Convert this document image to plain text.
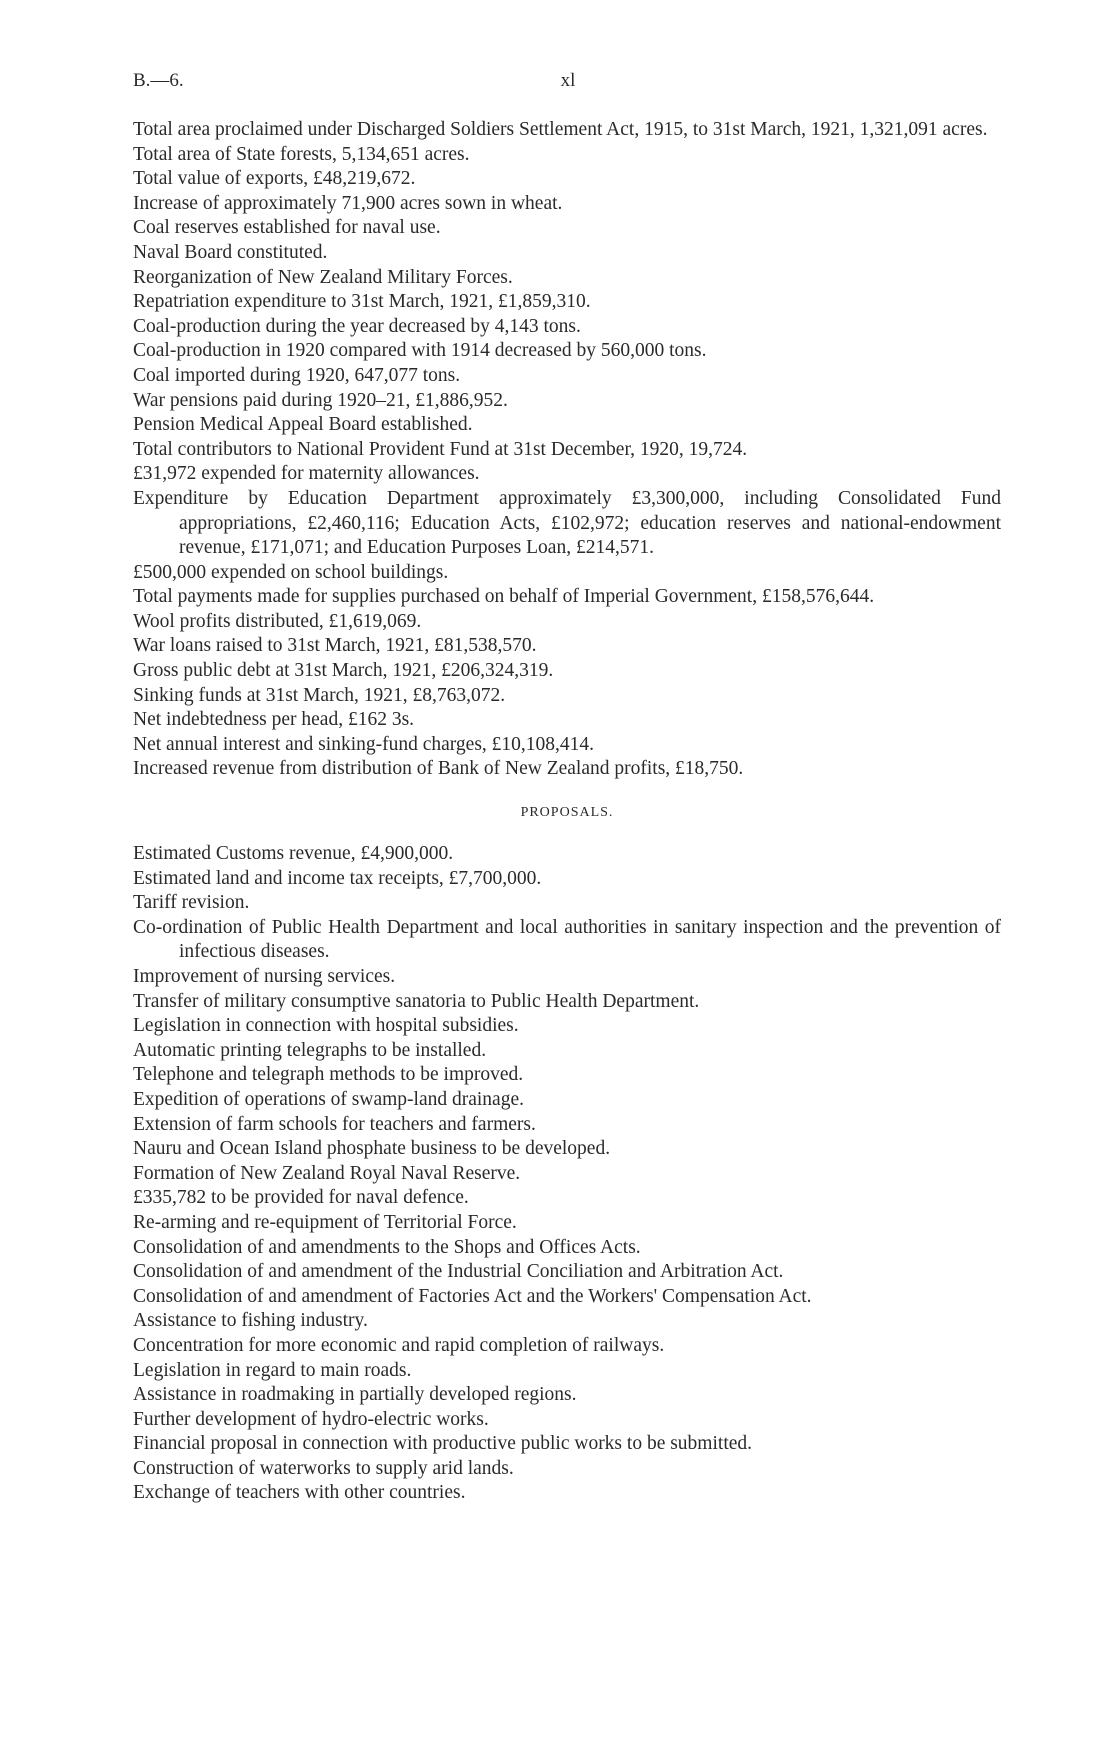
B.—6.	xl

Total area proclaimed under Discharged Soldiers Settlement Act, 1915, to 31st March, 1921, 1,321,091 acres.

Total area of State forests, 5,134,651 acres.

Total value of exports, £48,219,672.

Increase of approximately 71,900 acres sown in wheat.

Coal reserves established for naval use.

Naval Board constituted.

Reorganization of New Zealand Military Forces.

Repatriation expenditure to 31st March, 1921, £1,859,310.

Coal-production during the year decreased by 4,143 tons.

Coal-production in 1920 compared with 1914 decreased by 560,000 tons.

Coal imported during 1920, 647,077 tons.

War pensions paid during 1920–21, £1,886,952.

Pension Medical Appeal Board established.

Total contributors to National Provident Fund at 31st December, 1920, 19,724.

£31,972 expended for maternity allowances.

Expenditure by Education Department approximately £3,300,000, including Consolidated Fund appropriations, £2,460,116; Education Acts, £102,972; education reserves and national-endowment revenue, £171,071; and Education Purposes Loan, £214,571.

£500,000 expended on school buildings.

Total payments made for supplies purchased on behalf of Imperial Government, £158,576,644.

Wool profits distributed, £1,619,069.

War loans raised to 31st March, 1921, £81,538,570.

Gross public debt at 31st March, 1921, £206,324,319.

Sinking funds at 31st March, 1921, £8,763,072.

Net indebtedness per head, £162 3s.

Net annual interest and sinking-fund charges, £10,108,414.

Increased revenue from distribution of Bank of New Zealand profits, £18,750.

PROPOSALS.

Estimated Customs revenue, £4,900,000.

Estimated land and income tax receipts, £7,700,000.

Tariff revision.

Co-ordination of Public Health Department and local authorities in sanitary inspection and the prevention of infectious diseases.

Improvement of nursing services.

Transfer of military consumptive sanatoria to Public Health Department.

Legislation in connection with hospital subsidies.

Automatic printing telegraphs to be installed.

Telephone and telegraph methods to be improved.

Expedition of operations of swamp-land drainage.

Extension of farm schools for teachers and farmers.

Nauru and Ocean Island phosphate business to be developed.

Formation of New Zealand Royal Naval Reserve.

£335,782 to be provided for naval defence.

Re-arming and re-equipment of Territorial Force.

Consolidation of and amendments to the Shops and Offices Acts.

Consolidation of and amendment of the Industrial Conciliation and Arbitration Act.

Consolidation of and amendment of Factories Act and the Workers' Compensation Act.

Assistance to fishing industry.

Concentration for more economic and rapid completion of railways.

Legislation in regard to main roads.

Assistance in roadmaking in partially developed regions.

Further development of hydro-electric works.

Financial proposal in connection with productive public works to be submitted.

Construction of waterworks to supply arid lands.

Exchange of teachers with other countries.
